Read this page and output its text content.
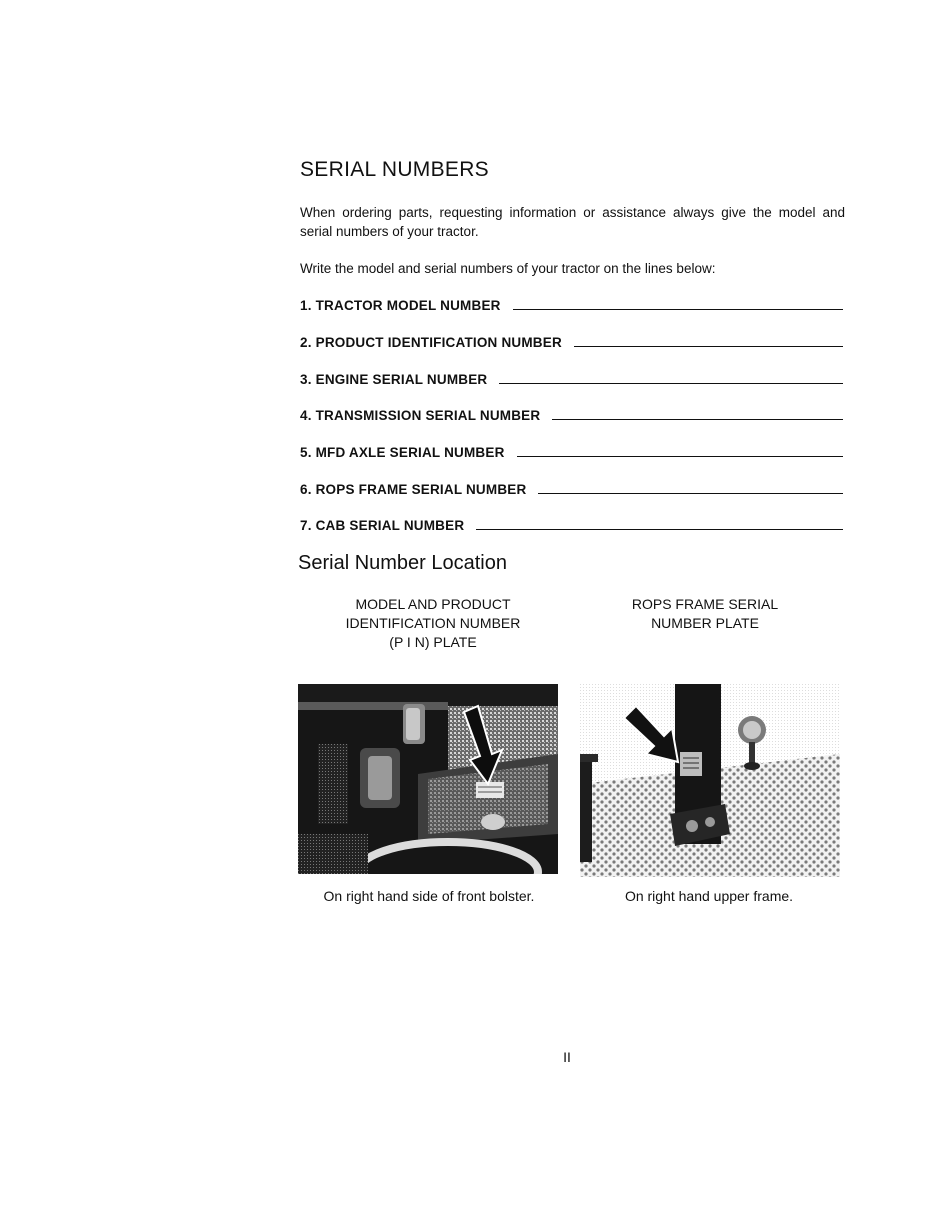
SERIAL NUMBERS

When ordering parts, requesting information or assistance always give the model and serial numbers of your tractor.

Write the model and serial numbers of your tractor on the lines below:

1. TRACTOR MODEL NUMBER
2. PRODUCT IDENTIFICATION NUMBER
3. ENGINE SERIAL NUMBER
4. TRANSMISSION SERIAL NUMBER
5. MFD AXLE SERIAL NUMBER
6. ROPS FRAME SERIAL NUMBER
7. CAB SERIAL NUMBER
Serial Number Location
MODEL AND PRODUCT
IDENTIFICATION NUMBER
(P I N) PLATE
ROPS FRAME SERIAL
NUMBER PLATE

On right hand side of front bolster.	On right hand upper frame.

II
